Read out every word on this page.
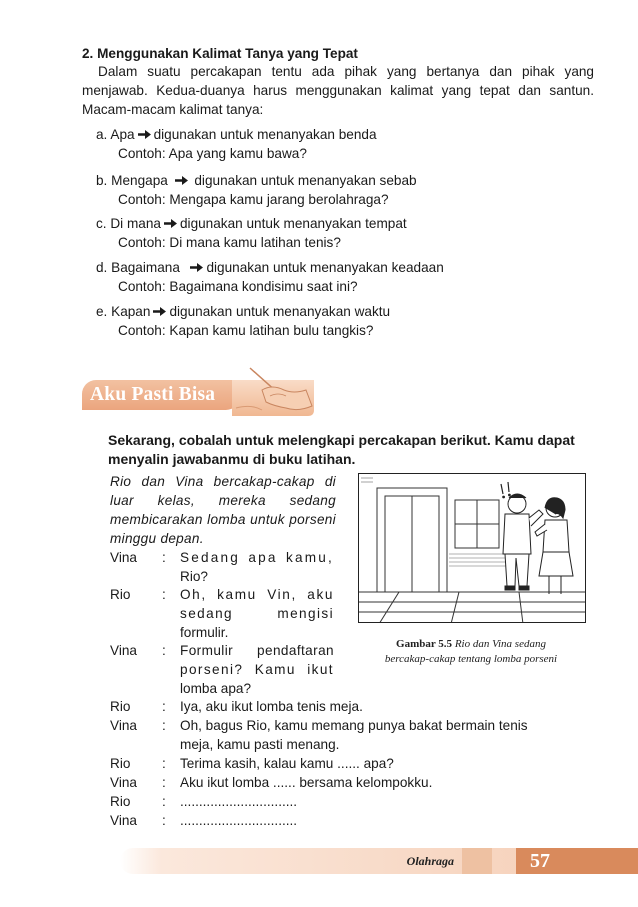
2. Menggunakan Kalimat Tanya yang Tepat
Dalam suatu percakapan tentu ada pihak yang bertanya dan pihak yang menjawab. Kedua-duanya harus menggunakan kalimat yang tepat dan santun. Macam-macam kalimat tanya:
a. Apa digunakan untuk menanyakan benda
Contoh: Apa yang kamu bawa?
b. Mengapa digunakan untuk menanyakan sebab
Contoh: Mengapa kamu jarang berolahraga?
c. Di mana digunakan untuk menanyakan tempat
Contoh: Di mana kamu latihan tenis?
d. Bagaimana digunakan untuk menanyakan keadaan
Contoh: Bagaimana kondisimu saat ini?
e. Kapan digunakan untuk menanyakan waktu
Contoh: Kapan kamu latihan bulu tangkis?
Aku Pasti Bisa
Sekarang, cobalah untuk melengkapi percakapan berikut. Kamu dapat menyalin jawabanmu di buku latihan.
Rio dan Vina bercakap-cakap di luar kelas, mereka sedang membicarakan lomba untuk porseni minggu depan.
Vina : Sedang apa kamu,
Rio?
Rio : Oh, kamu Vin, aku
sedang	mengisi
formulir.
Vina : Formulir pendaftaran
porseni? Kamu ikut
lomba apa?
Rio : Iya, aku ikut lomba tenis meja.
Vina : Oh, bagus Rio, kamu memang punya bakat bermain tenis
meja, kamu pasti menang.
Rio : Terima kasih, kalau kamu ...... apa?
Vina : Aku ikut lomba ...... bersama kelompokku.
Rio : ...............................
Vina : ...............................
Gambar 5.5 Rio dan Vina sedang
bercakap-cakap tentang lomba porseni
Olahraga	57
